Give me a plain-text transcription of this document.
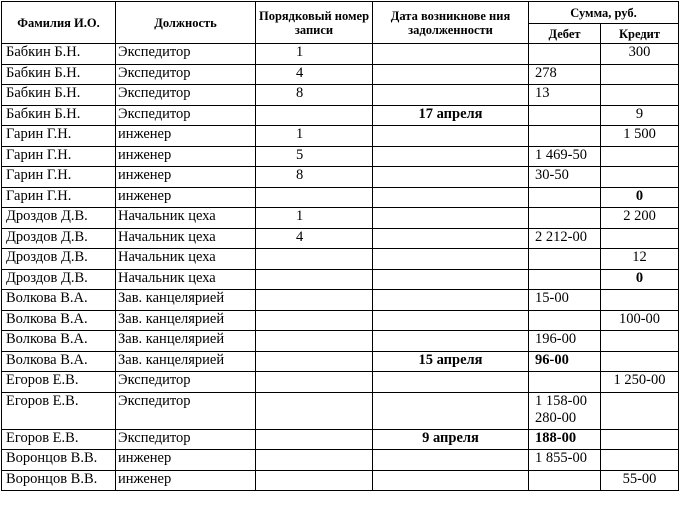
Фамилия И.О.	Должность	Порядковый номер записи	Дата возникнове ния задолженности	Сумма, руб.	
				Дебет	Кредит
Бабкин Б.Н.	Экспедитор	1			300
Бабкин Б.Н.	Экспедитор	4		278	
Бабкин Б.Н.	Экспедитор	8		13	
Бабкин Б.Н.	Экспедитор		17 апреля		9
Гарин Г.Н.	инженер	1			1 500
Гарин Г.Н.	инженер	5		1 469-50	
Гарин Г.Н.	инженер	8		30-50	
Гарин Г.Н.	инженер				0
Дроздов Д.В.	Начальник цеха	1			2 200
Дроздов Д.В.	Начальник цеха	4		2 212-00	
Дроздов Д.В.	Начальник цеха				12
Дроздов Д.В.	Начальник цеха				0
Волкова В.А.	Зав. канцелярией			15-00	
Волкова В.А.	Зав. канцелярией				100-00
Волкова В.А.	Зав. канцелярией			196-00	
Волкова В.А.	Зав. канцелярией		15 апреля	96-00	
Егоров Е.В.	Экспедитор				1 250-00
Егоров Е.В.	Экспедитор			1 158-00
280-00	
Егоров Е.В.	Экспедитор		9 апреля	188-00	
Воронцов В.В.	инженер			1 855-00	
Воронцов В.В.	инженер				55-00
